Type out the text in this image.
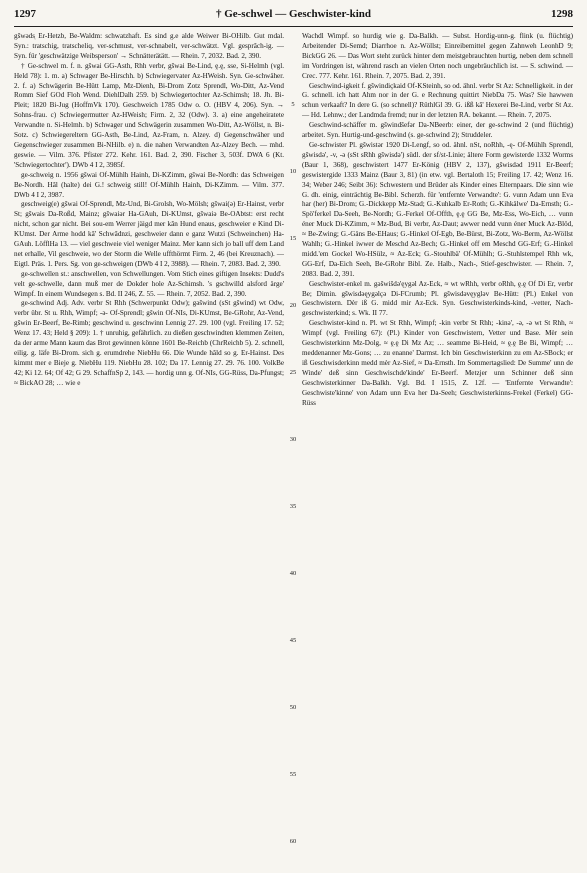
1297	† Ge-schwel — Geschwister-kind	1298

gšwəds̜ Er-Hetzb, Be-Waldm: schwatzhaft. Es sind g.e alde Weiwer Bi-OHilb. Gut mdal. Syn.: tratschig, tratscheliq, ver-schmust, ver-schnabelt, ver-schwätzt. Vgl. gesprâch-ig. — Syn. für 'geschwätzige Weibsperson' → Schnätterätätt. — Rhein. 7, 2032. Bad. 2, 390.

† Ge-schwel m. f. n. gšwai GG-Asth, Rhh verbr, gšwai Be-Lind, ḙ.ḙ, sse, Si-Helmh (vgl. Held 78): 1. m. a) Schwager Be-Hirschh. b) Schwiegervater Az-HWeish. Syn. Ge-schwäher. 2. f. a) Schwägerin Be-Hütt Lamp, Mz-Dienh, Bi-Drom Zotz Sprendl, Wo-Ditt, Az-Vend Romm Sief GOd Floh Wend. DiehlDalh 259. b) Schwiegertochter Az-Schimsh; 18. Jh. Bi-Pleit; 1820 Bi-Jug (HoffmVk 170). Geschweich 1785 Odw o. O. (HBV 4, 206). Syn. → Sohns-frau. c) Schwiegermutter Az-HWeish; Firm. 2, 32 (Odw). 3. a) eine angeheiratete Verwandte n. Si-Helmh. b) Schwager und Schwägerin zusammen Wo-Ditt, Az-Wöllst, n. Bi-Sotz. c) Schwiegereltern GG-Asth, Be-Lind, Az-Fram, n. Alzey. d) Gegenschwäher und Gegenschwieger zusammen Bi-NHilb. e) n. die nahen Verwandten Az-Alzey Bech. — mhd. geswie. — Vilm. 376. Pfister 272. Kehr. 161. Bad. 2, 390. Fischer 3, 503f. DWA 6 (Kt. 'Schwiegertochter'). DWb 4 I 2, 3985f.

ge-schweig n. 1956 gšwai Of-Mühlh Hainh, Di-KZimm, gšwai Be-Nordh: das Schweigen Be-Nordh. Hâl (halte) dei G.! schweig still! Of-Mühlh Hainh, Di-KZimm. — Vilm. 377. DWb 4 I 2, 3987.

geschweig(e) gšwai Of-Sprendl, Mz-Und, Bi-Grolsh, Wo-Mölsh; gšwai(ə) Er-Hainst, verbr St; gšwais Da-Roßd, Mainz; gšwaiər Ha-GAuh, Di-KUmst, gšwaiə Be-OAbtst: erst recht nicht, schon gar nicht. Bei sou-em Werrer jäigd mer kân Hund enaus, geschweier e Kind Di-KUmst. Der Arme hodd kâ' Schwâdnzi, geschweier dann e ganz Wutzi (Schweinchen) Ha-GAuh. LöfflHa 13. — viel geschweie viel weniger Mainz. Mer kann sich jo ball uff dem Land net erhalle, Vil geschweie, wo der Storm die Welle uffthörmt Firm. 2, 46 (bei Kreuznach). — Eigtl. Präs. 1. Pers. Sg. von ge-schweigen (DWb 4 I 2, 3988). — Rhein. 7, 2083. Bad. 2, 390.

ge-schwellen st.: anschwellen, von Schwellungen. Vom Stich eines giftigen Insekts: Dudd's velt ge-schwelle, dann muß mer de Dokder hole Az-Schimsh. 's gschwilld alsford ärge' Wimpf. In einem Wundsegen s. Bd. II 246, Z. 55. — Rhein. 7, 2052. Bad. 2, 390.

ge-schwind Adj. Adv. verbr St Rhh (Schwerpunkt Odw); gəšwind (sSt gšwind) wt Odw, verbr übr. St u. Rhh, Wimpf; -ə- Of-Sprendl; gšwin Of-NIs, Di-KUmst, Be-GRohr, Az-Vend, gšwin Er-Beerf, Be-Rimb; geschwind u. geschwinn Lennig 27. 29. 100 (vgl. Freiling 17. 52; Wenz 17. 43; Held § 209): 1. † unruhig, gefährlich. zu dießen geschwindten klemmen Zeiten, da der arme Mann kaum das Brot gewinnen könne 1601 Be-Reichb (ChrReichb 5). 2. schnell, eilig. g. läfe Bi-Drom. sich g. erumdrehe NiebHu 66. Die Wunde hâld so g. Er-Hainst. Des kimmt mer e Bieje g. NiebHu 119. NiebHu 28. 102; Da 17. Lennig 27. 29. 76. 100. VolkBe 42; Ki 12. 64; Of 42; G 29. SchaffnSp 2, 143. — hordig unn g. Of-NIs, GG-Rüss, Da-Pfungst; ≈ BickAO 28; … wie e

5
10
15
20
25
30
35
40
45
50
55
60

Wachdl Wimpf. so hurdig wie g. Da-Balkh. — Subst. Hordig-unn-g. flink (u. flüchtig) Arbeitender Di-Semd; Diarrhoe n. Az-Wöllst; Einreibemittel gegen Zahnweh LeonhD 9; BickGG 26. — Das Wort steht zurück hinter dem meistgebrauchten hurtig, neben dem schnell im Vordringen ist, während rasch an vielen Orten noch ungebräuchlich ist. — S. schwind. — Crec. 777. Kehr. 161. Rhein. 7, 2075. Bad. 2, 391.

Geschwind-igkeit f. gšwindiçkaid Of-KSteinh, so od. ähnl. verbr St Az: Schnelligkeit. in der G. schnell. ich hatt Ahm nor in der G. e Rechnung quittirt NiebDa 75. Was? Sie hawwen schun verkaaft? In dere G. (so schnell)? RüthlGl 39. G. ißß kâ' Hexerei Be-Lind, verbr St Az. — Hd. Lehnw.; der Landmda fremd; nur in der letzten RA. bekannt. — Rhein. 7, 2075.

Geschwind-schäffer m. gšwindšefər Da-NBeerb: einer, der ge-schwind 2 (und flüchtig) arbeitet. Syn. Hurtig-und-geschwind (s. ge-schwind 2); Struddeler.

Ge-schwister Pl. gšwistər 1920 Di-Lengf, so od. ähnl. nSt, noRhh, -ę- Of-Mühlh Sprendl, gšwisdə', -v, -ə (sSt sRhh gšwisdə') südl. der sf/st-Linie; ältere Form gewisterde 1332 Worms (Baur 1, 368), geschwistert 1477 Er-König (HBV 2, 137), gšwisdəd 1911 Er-Beerf; geswistergide 1333 Mainz (Baur 3, 81) (in etw. vgl. Bertaloth 15; Freiling 17. 42; Wenz 16. 34; Weber 246; Seibt 36): Schwestern und Brüder als Kinder eines Elternpaars. Die sinn wie G. dh. einig, einträchtig Be-Bibl. Scherzh. für 'entfernte Verwandte': G. vunn Adam unn Eva har (her) Bi-Drom; G.-Dickkepp Mz-Stad; G.-Kuhkalb Er-Roth; G.-Kihkälwe' Da-Ernsth; G.-Spö'ferkel Da-Seeh, Be-Nordh; G.-Ferkel Of-Offth, ḙ.ḙ GG Be, Mz-Ess, Wo-Eich, … vunn éner Muck Di-KZimm, ≈ Mz-Bud, Bi verbr, Az-Daut; awwer nedd vunn éner Muck Az-Blöd, ≈ Be-Zwing; G.-Gäns Be-EHaus; G.-Hinkel Of-Egb, Be-Bürst, Bi-Zotz, Wo-Berm, Az-Wöllst Wahlh; G.-Hinkel iwwer de Meschd Az-Bech; G.-Hinkel off em Meschd GG-Erf; G.-Hinkel midd.'em Gockel Wo-HSülz, ≈ Az-Eck; G.-Stouhlbä' Of-Mühlh; G.-Stuhlstempel Rhh wk, GG-Erf, Da-Eich Seeh, Be-GRohr Bibl. Ze. Halb., Nach-, Stief-geschwister. — Rhein. 7, 2083. Bad. 2, 391.

Geschwister-enkel m. gəšwišdə'ęygəl Az-Eck, ≈ wt wRhh, verbr oRhh, ḙ.ḙ Of Di Er, verbr Be; Dimin. gšwisdəęygəlçə Di-FCrumb; Pl. gšwisdəvęygləv Be-Hütt: (Pl.) Enkel von Geschwistern. Dèr iß G. midd mir Az-Eck. Syn. Geschwisterkinds-kind, -vetter, Nach-geschwisterkind; s. Wk. II 77.

Geschwister-kind n. Pl. wt St Rhh, Wimpf; -kin verbr St Rhh; -kinə', -ə, -ə wt St Rhh, ≈ Wimpf (vgl. Freiling 67): (Pl.) Kinder von Geschwistern, Vetter und Base. Mèr sein Geschwisterkinn Mz-Dolg, ≈ ḙ.ḙ Di Mz Az; … seamme Bi-Heid, ≈ ḙ.ḙ Be Bi, Wimpf; … meddenanner Mz-Gons; … zu enanne' Darmst. Ich bin Geschwisterkinn zu em Az-SBock; er iß Geschwisderkinn medd mèr Az-Sief, ≈ Da-Ernsth. Im Sommertagslied: De Summe' unn de Winde' deß sinn Geschwischde'kinde' Er-Beerf. Metzjer unn Schinner deß sinn Geschwisterkinner Da-Balkh. Vgl. Bd. I 1515, Z. 12f. — 'Entfernte Verwandte': Geschwiste'kinne' von Adam unn Eva her Da-Seeh; Geschwisterkinns-Frekel (Ferkel) GG-Rüss
